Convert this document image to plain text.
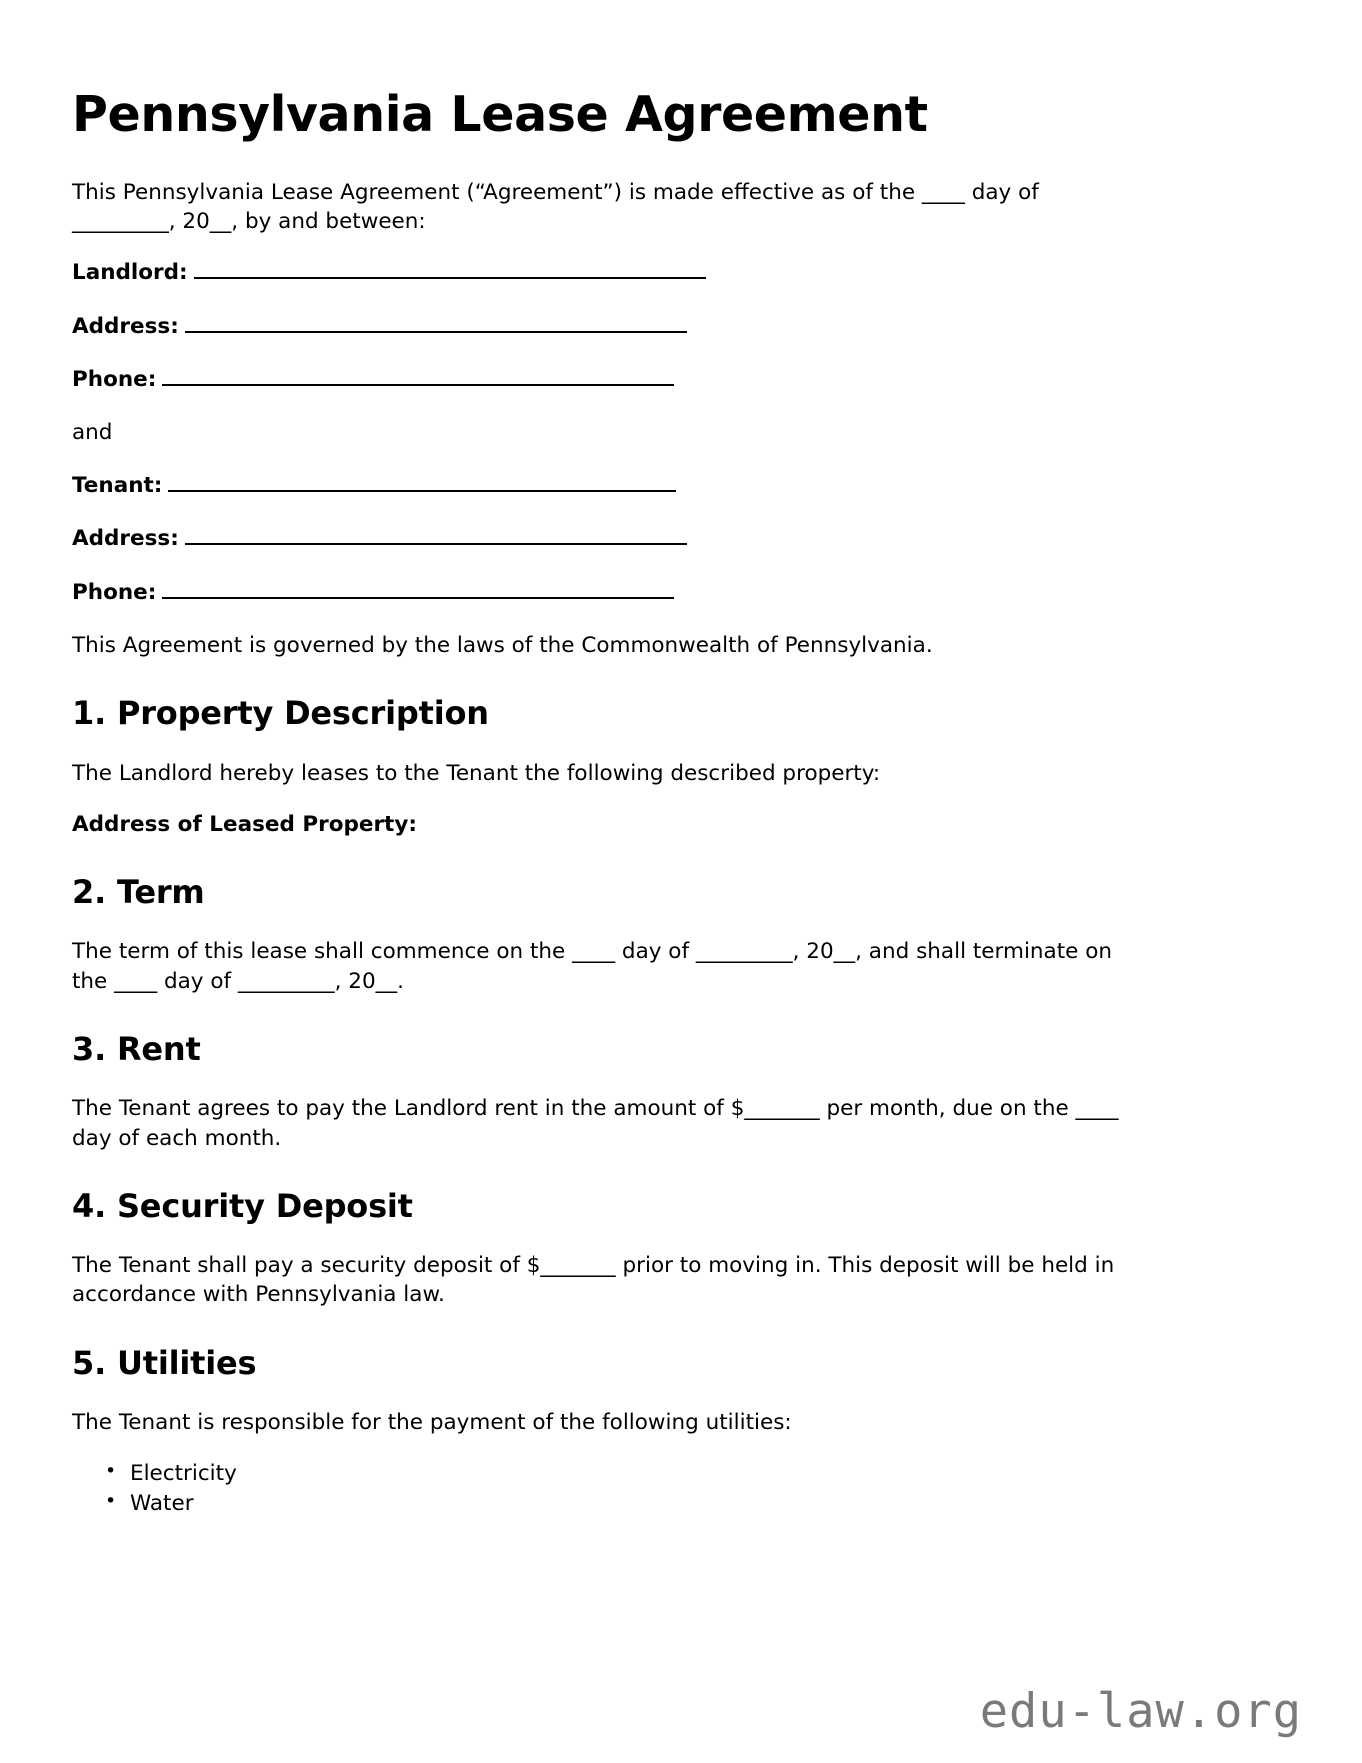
Pennsylvania Lease Agreement

This Pennsylvania Lease Agreement (“Agreement”) is made effective as of the ____ day of _________, 20__, by and between:

Landlord:
Address:
Phone:
and
Tenant:
Address:
Phone:

This Agreement is governed by the laws of the Commonwealth of Pennsylvania.

1. Property Description

The Landlord hereby leases to the Tenant the following described property:

Address of Leased Property:
2. Term

The term of this lease shall commence on the ____ day of _________, 20__, and shall terminate on the ____ day of _________, 20__.

3. Rent

The Tenant agrees to pay the Landlord rent in the amount of $_______ per month, due on the ____ day of each month.

4. Security Deposit

The Tenant shall pay a security deposit of $_______ prior to moving in. This deposit will be held in accordance with Pennsylvania law.

5. Utilities

The Tenant is responsible for the payment of the following utilities:

• Electricity
• Water
edu-law.org
